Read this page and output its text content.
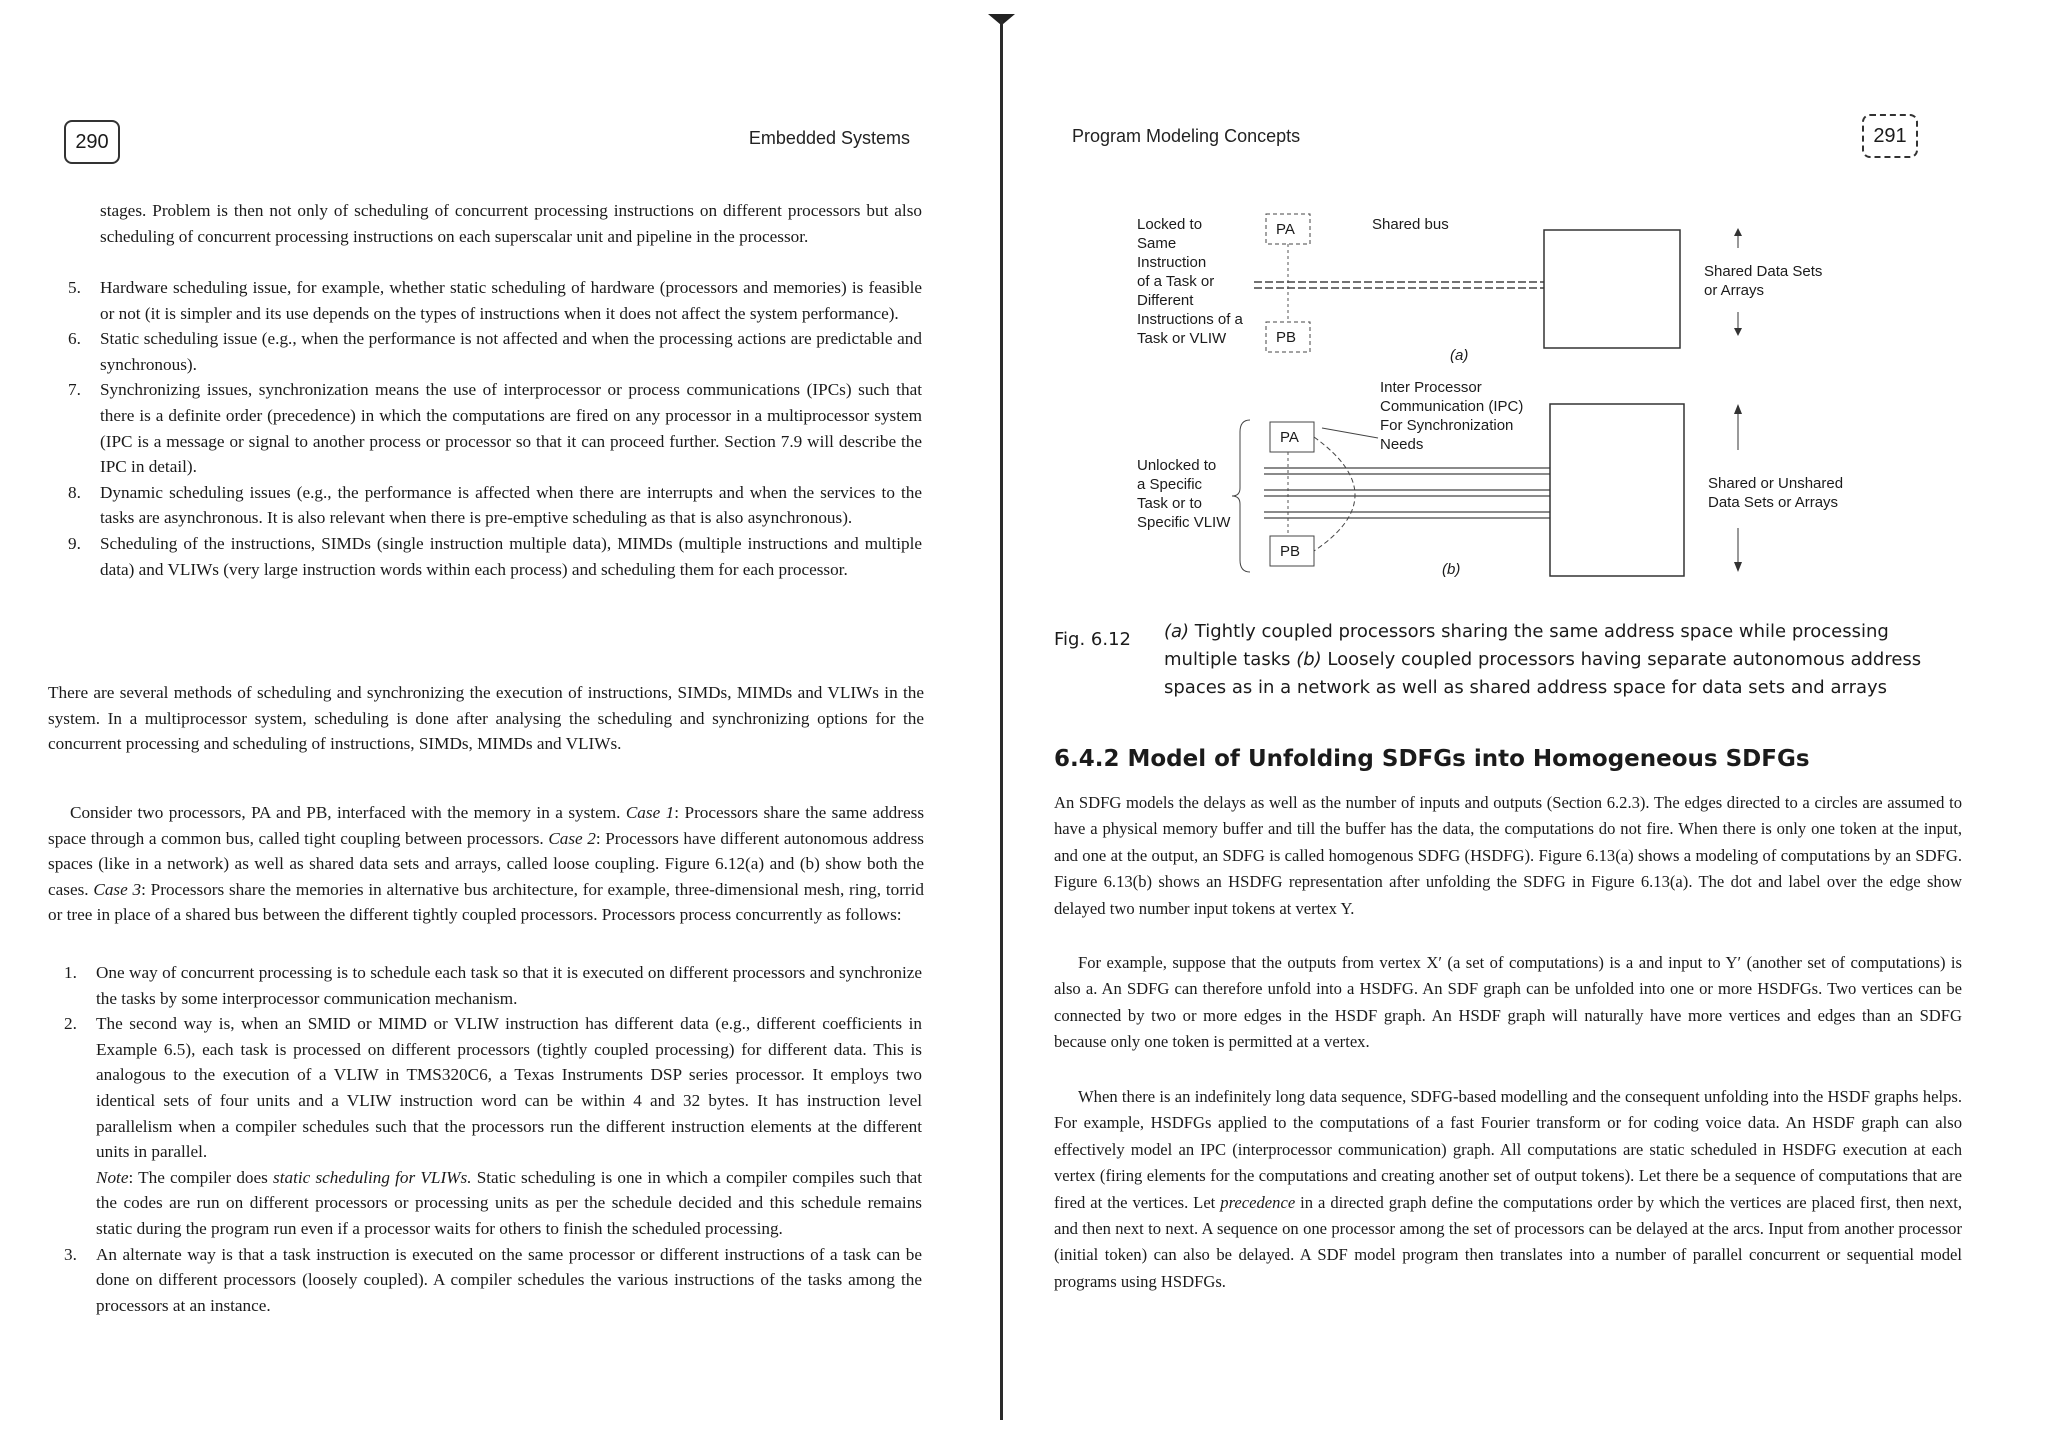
290	Embedded Systems

stages. Problem is then not only of scheduling of concurrent processing instructions on different processors but also scheduling of concurrent processing instructions on each superscalar unit and pipeline in the processor.

5. Hardware scheduling issue, for example, whether static scheduling of hardware (processors and memories) is feasible or not (it is simpler and its use depends on the types of instructions when it does not affect the system performance).
6. Static scheduling issue (e.g., when the performance is not affected and when the processing actions are predictable and synchronous).
7. Synchronizing issues, synchronization means the use of interprocessor or process communications (IPCs) such that there is a definite order (precedence) in which the computations are fired on any processor in a multiprocessor system (IPC is a message or signal to another process or processor so that it can proceed further. Section 7.9 will describe the IPC in detail).
8. Dynamic scheduling issues (e.g., the performance is affected when there are interrupts and when the services to the tasks are asynchronous. It is also relevant when there is pre-emptive scheduling as that is also asynchronous).
9. Scheduling of the instructions, SIMDs (single instruction multiple data), MIMDs (multiple instructions and multiple data) and VLIWs (very large instruction words within each process) and scheduling them for each processor.

There are several methods of scheduling and synchronizing the execution of instructions, SIMDs, MIMDs and VLIWs in the system. In a multiprocessor system, scheduling is done after analysing the scheduling and synchronizing options for the concurrent processing and scheduling of instructions, SIMDs, MIMDs and VLIWs.

Consider two processors, PA and PB, interfaced with the memory in a system. Case 1: Processors share the same address space through a common bus, called tight coupling between processors. Case 2: Processors have different autonomous address spaces (like in a network) as well as shared data sets and arrays, called loose coupling. Figure 6.12(a) and (b) show both the cases. Case 3: Processors share the memories in alternative bus architecture, for example, three-dimensional mesh, ring, torrid or tree in place of a shared bus between the different tightly coupled processors. Processors process concurrently as follows:

1. One way of concurrent processing is to schedule each task so that it is executed on different processors and synchronize the tasks by some interprocessor communication mechanism.
2. The second way is, when an SMID or MIMD or VLIW instruction has different data (e.g., different coefficients in Example 6.5), each task is processed on different processors (tightly coupled processing) for different data. This is analogous to the execution of a VLIW in TMS320C6, a Texas Instruments DSP series processor. It employs two identical sets of four units and a VLIW instruction word can be within 4 and 32 bytes. It has instruction level parallelism when a compiler schedules such that the processors run the different instruction elements at the different units in parallel.
Note: The compiler does static scheduling for VLIWs. Static scheduling is one in which a compiler compiles such that the codes are run on different processors or processing units as per the schedule decided and this schedule remains static during the program run even if a processor waits for others to finish the scheduled processing.
3. An alternate way is that a task instruction is executed on the same processor or different instructions of a task can be done on different processors (loosely coupled). A compiler schedules the various instructions of the tasks among the processors at an instance.
Program Modeling Concepts	291
Locked to Same Instruction of a Task or Different Instructions of a Task or VLIW
PA
PB
Shared bus
Shared Data Sets or Arrays
(a)
Inter Processor Communication (IPC) For Synchronization Needs
PA
PB
Unlocked to a Specific Task or to Specific VLIW
Shared or Unshared Data Sets or Arrays
(b)
Fig. 6.12	(a) Tightly coupled processors sharing the same address space while processing multiple tasks (b) Loosely coupled processors having separate autonomous address spaces as in a network as well as shared address space for data sets and arrays
6.4.2 Model of Unfolding SDFGs into Homogeneous SDFGs

An SDFG models the delays as well as the number of inputs and outputs (Section 6.2.3). The edges directed to a circles are assumed to have a physical memory buffer and till the buffer has the data, the computations do not fire. When there is only one token at the input, and one at the output, an SDFG is called homogenous SDFG (HSDFG). Figure 6.13(a) shows a modeling of computations by an SDFG. Figure 6.13(b) shows an HSDFG representation after unfolding the SDFG in Figure 6.13(a). The dot and label over the edge show delayed two number input tokens at vertex Y.

For example, suppose that the outputs from vertex X′ (a set of computations) is a and input to Y′ (another set of computations) is also a. An SDFG can therefore unfold into a HSDFG. An SDF graph can be unfolded into one or more HSDFGs. Two vertices can be connected by two or more edges in the HSDF graph. An HSDF graph will naturally have more vertices and edges than an SDFG because only one token is permitted at a vertex.

When there is an indefinitely long data sequence, SDFG-based modelling and the consequent unfolding into the HSDF graphs helps. For example, HSDFGs applied to the computations of a fast Fourier transform or for coding voice data. An HSDF graph can also effectively model an IPC (interprocessor communication) graph. All computations are static scheduled in HSDFG execution at each vertex (firing elements for the computations and creating another set of output tokens). Let there be a sequence of computations that are fired at the vertices. Let precedence in a directed graph define the computations order by which the vertices are placed first, then next, and then next to next. A sequence on one processor among the set of processors can be delayed at the arcs. Input from another processor (initial token) can also be delayed. A SDF model program then translates into a number of parallel concurrent or sequential model programs using HSDFGs.
